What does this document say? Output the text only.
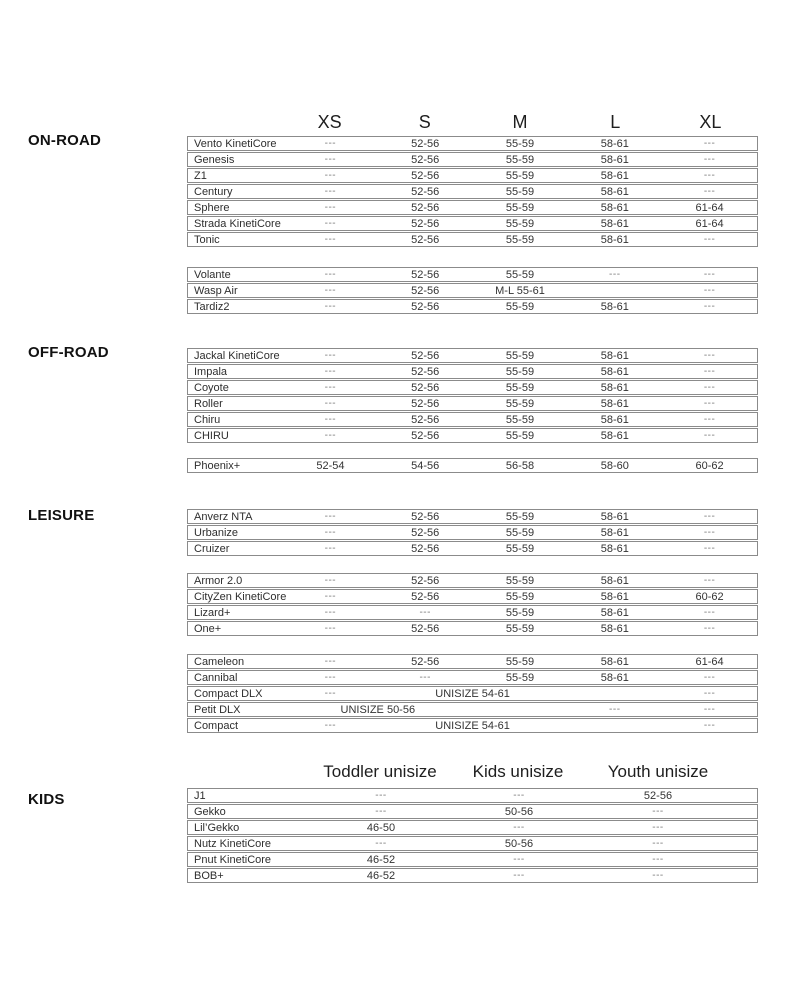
ON-ROAD
OFF-ROAD
LEISURE
KIDS
XS	S	M	L	XL
Vento KinetiCore	---	52-56	55-59	58-61	---
Genesis	---	52-56	55-59	58-61	---
Z1	---	52-56	55-59	58-61	---
Century	---	52-56	55-59	58-61	---
Sphere	---	52-56	55-59	58-61	61-64
Strada KinetiCore	---	52-56	55-59	58-61	61-64
Tonic	---	52-56	55-59	58-61	---
Volante	---	52-56	55-59	---	---
Wasp Air	---	52-56	M-L 55-61	---
Tardiz2	---	52-56	55-59	58-61	---
Jackal KinetiCore	---	52-56	55-59	58-61	---
Impala	---	52-56	55-59	58-61	---
Coyote	---	52-56	55-59	58-61	---
Roller	---	52-56	55-59	58-61	---
Chiru	---	52-56	55-59	58-61	---
CHIRU	---	52-56	55-59	58-61	---
Phoenix+	52-54	54-56	56-58	58-60	60-62
Anverz NTA	---	52-56	55-59	58-61	---
Urbanize	---	52-56	55-59	58-61	---
Cruizer	---	52-56	55-59	58-61	---
Armor 2.0	---	52-56	55-59	58-61	---
CityZen KinetiCore	---	52-56	55-59	58-61	60-62
Lizard+	---	---	55-59	58-61	---
One+	---	52-56	55-59	58-61	---
Cameleon	---	52-56	55-59	58-61	61-64
Cannibal	---	---	55-59	58-61	---
Compact DLX	---	UNISIZE 54-61	---
Petit DLX	UNISIZE 50-56	---	---
Compact	---	UNISIZE 54-61	---
Toddler unisize	Kids unisize	Youth unisize
J1	---	---	52-56
Gekko	---	50-56	---
Lil’Gekko	46-50	---	---
Nutz KinetiCore	---	50-56	---
Pnut KinetiCore	46-52	---	---
BOB+	46-52	---	---
